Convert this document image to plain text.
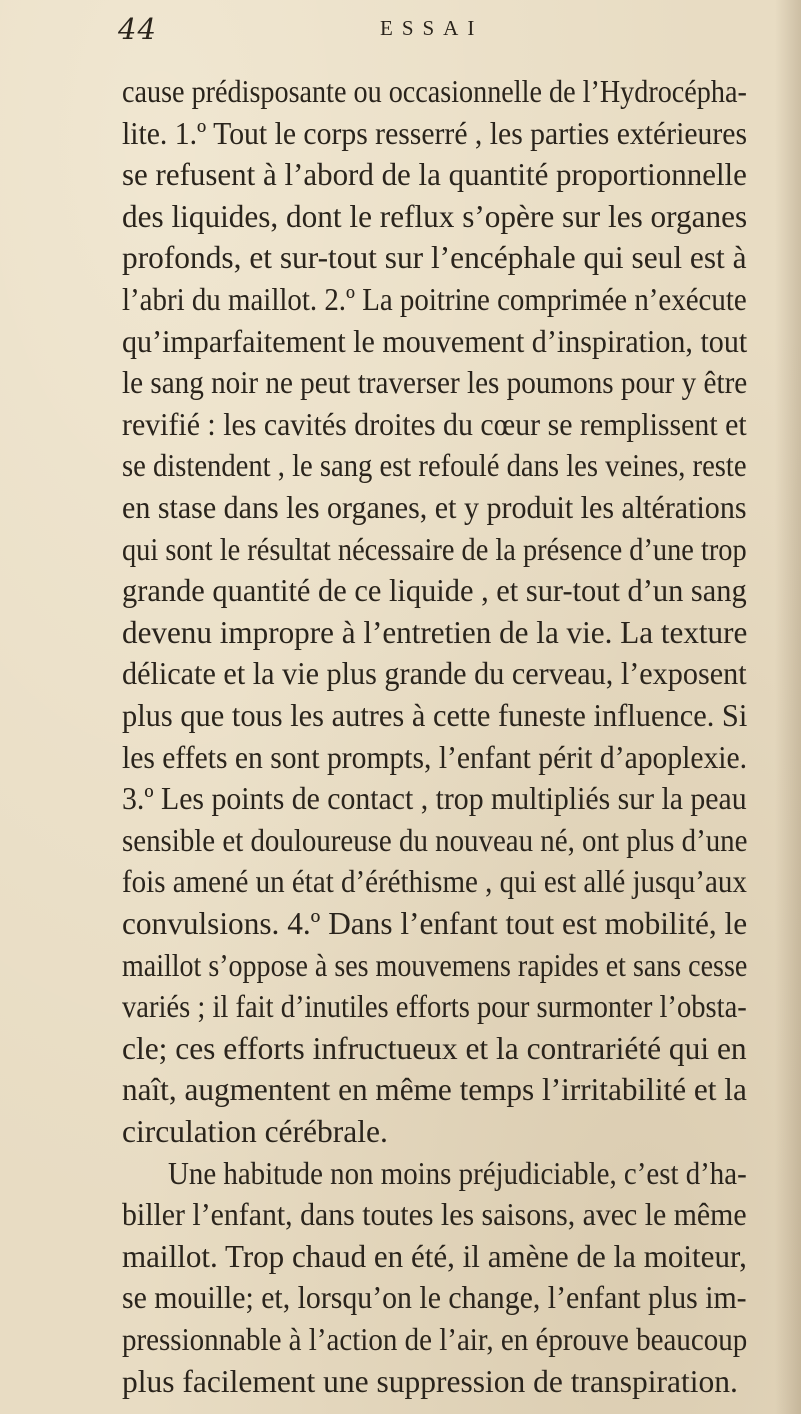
44	ESSAI
cause prédisposante ou occasionnelle de l’Hydrocépha-
lite. 1.º Tout le corps resserré , les parties extérieures
se refusent à l’abord de la quantité proportionnelle
des liquides, dont le reflux s’opère sur les organes
profonds, et sur-tout sur l’encéphale qui seul est à
l’abri du maillot. 2.º La poitrine comprimée n’exécute
qu’imparfaitement le mouvement d’inspiration, tout
le sang noir ne peut traverser les poumons pour y être
revifié : les cavités droites du cœur se remplissent et
se distendent , le sang est refoulé dans les veines, reste
en stase dans les organes, et y produit les altérations
qui sont le résultat nécessaire de la présence d’une trop
grande quantité de ce liquide , et sur-tout d’un sang
devenu impropre à l’entretien de la vie. La texture
délicate et la vie plus grande du cerveau, l’exposent
plus que tous les autres à cette funeste influence. Si
les effets en sont prompts, l’enfant périt d’apoplexie.
3.º Les points de contact , trop multipliés sur la peau
sensible et douloureuse du nouveau né, ont plus d’une
fois amené un état d’éréthisme , qui est allé jusqu’aux
convulsions. 4.º Dans l’enfant tout est mobilité, le
maillot s’oppose à ses mouvemens rapides et sans cesse
variés ; il fait d’inutiles efforts pour surmonter l’obsta-
cle; ces efforts infructueux et la contrariété qui en
naît, augmentent en même temps l’irritabilité et la
circulation cérébrale.
Une habitude non moins préjudiciable, c’est d’ha-
biller l’enfant, dans toutes les saisons, avec le même
maillot. Trop chaud en été, il amène de la moiteur,
se mouille; et, lorsqu’on le change, l’enfant plus im-
pressionnable à l’action de l’air, en éprouve beaucoup
plus facilement une suppression de transpiration.
